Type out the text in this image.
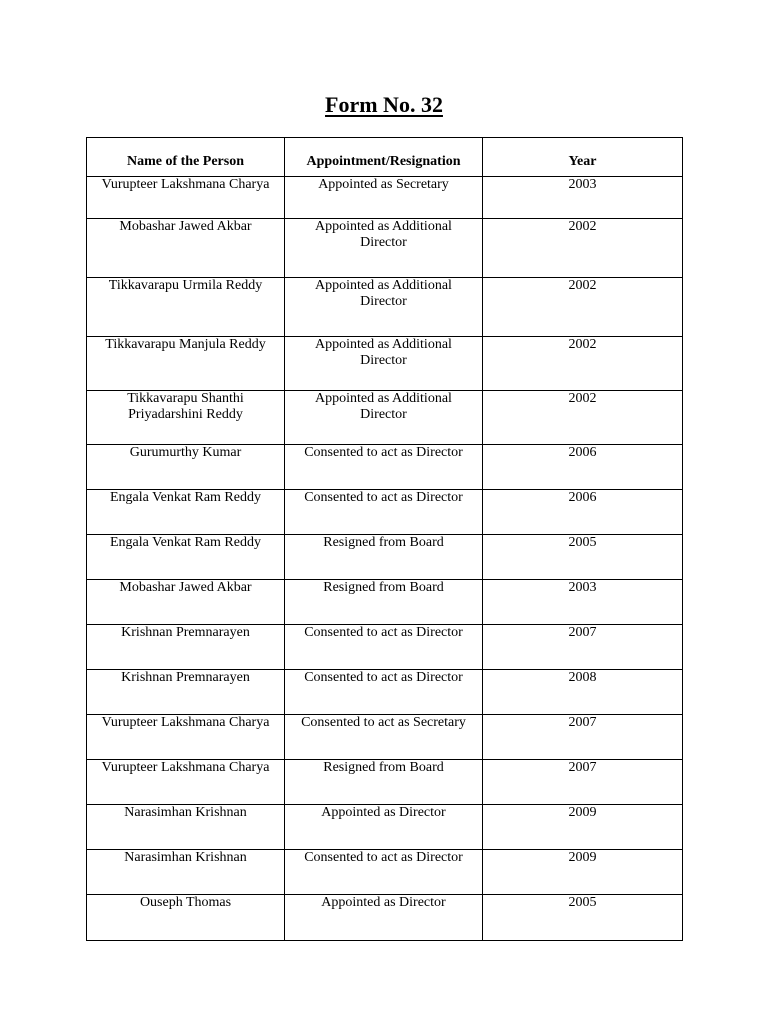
Form No. 32
Name of the Person	Appointment/Resignation	Year
Vurupteer Lakshmana Charya	Appointed as Secretary	2003
Mobashar Jawed Akbar	Appointed as Additional Director	2002
Tikkavarapu Urmila Reddy	Appointed as Additional Director	2002
Tikkavarapu Manjula Reddy	Appointed as Additional Director	2002
Tikkavarapu Shanthi Priyadarshini Reddy	Appointed as Additional Director	2002
Gurumurthy Kumar	Consented to act as Director	2006
Engala Venkat Ram Reddy	Consented to act as Director	2006
Engala Venkat Ram Reddy	Resigned from Board	2005
Mobashar Jawed Akbar	Resigned from Board	2003
Krishnan Premnarayen	Consented to act as Director	2007
Krishnan Premnarayen	Consented to act as Director	2008
Vurupteer Lakshmana Charya	Consented to act as Secretary	2007
Vurupteer Lakshmana Charya	Resigned from Board	2007
Narasimhan Krishnan	Appointed as Director	2009
Narasimhan Krishnan	Consented to act as Director	2009
Ouseph Thomas	Appointed as Director	2005
